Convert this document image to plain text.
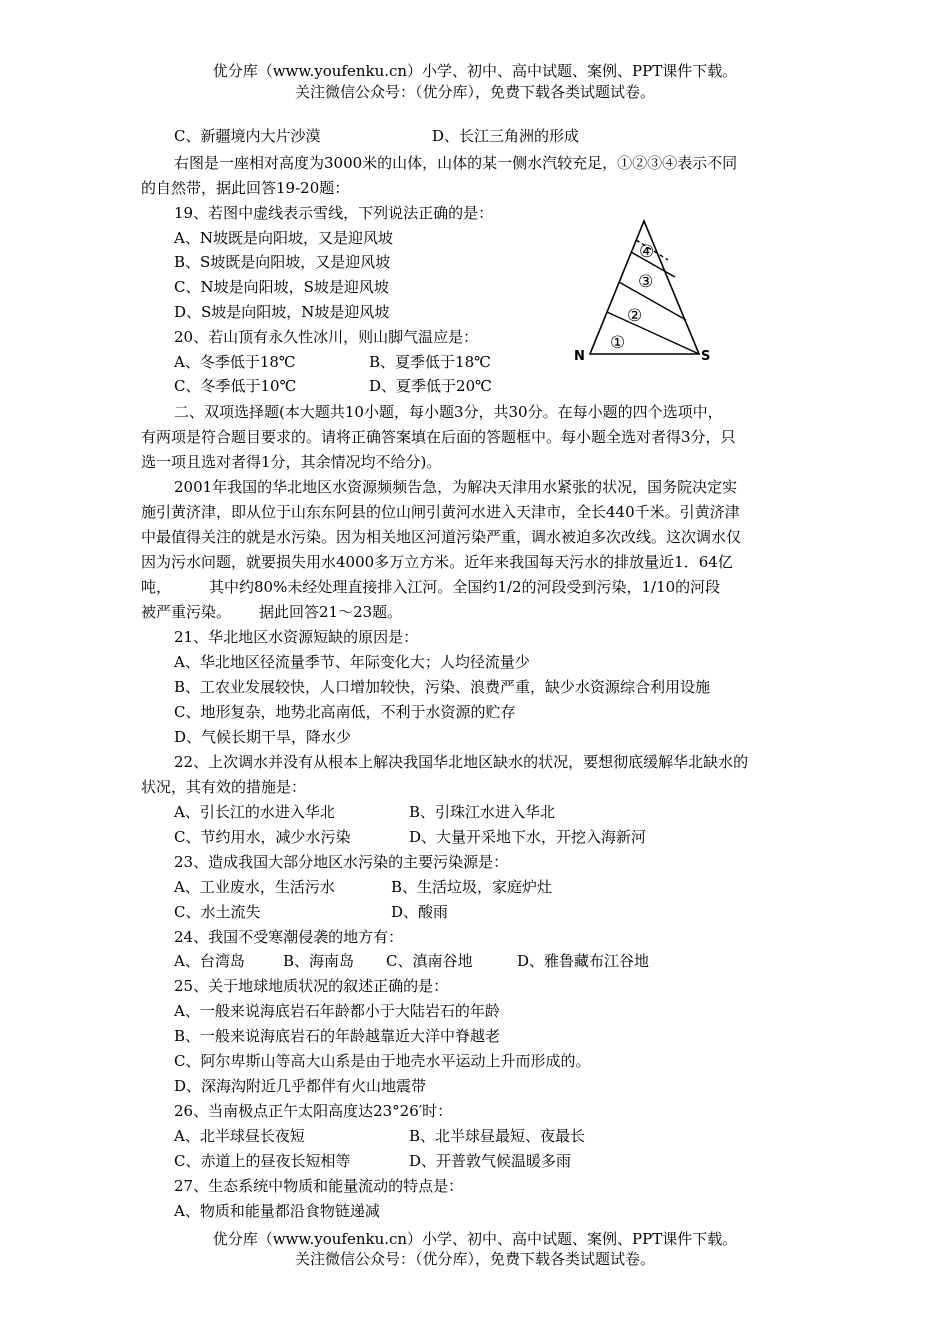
优分库（www.youfenku.cn）小学、初中、高中试题、案例、PPT课件下载。
关注微信公众号：（优分库），免费下载各类试题试卷。
C、新疆境内大片沙漠	D、长江三角洲的形成
右图是一座相对高度为3000米的山体，山体的某一侧水汽较充足，①②③④表示不同
的自然带，据此回答19-20题：
19、若图中虚线表示雪线，下列说法正确的是：
A、N坡既是向阳坡，又是迎风坡
B、S坡既是向阳坡，又是迎风坡
C、N坡是向阳坡，S坡是迎风坡
D、S坡是向阳坡，N坡是迎风坡
20、若山顶有永久性冰川，则山脚气温应是：
A、冬季低于18℃	B、夏季低于18℃
C、冬季低于10℃	D、夏季低于20℃
①
②
③
④
N	S
二、双项选择题(本大题共10小题，每小题3分，共30分。在每小题的四个选项中，
有两项是符合题目要求的。请将正确答案填在后面的答题框中。每小题全选对者得3分，只
选一项且选对者得1分，其余情况均不给分)。
2001年我国的华北地区水资源频频告急，为解决天津用水紧张的状况，国务院决定实
施引黄济津，即从位于山东东阿县的位山闸引黄河水进入天津市，全长440千米。引黄济津
中最值得关注的就是水污染。因为相关地区河道污染严重，调水被迫多次改线。这次调水仅
因为污水问题，就要损失用水4000多万立方米。近年来我国每天污水的排放量近1．64亿
吨，	其中约80%未经处理直接排入江河。全国约1/2的河段受到污染，1/10的河段
被严重污染。 据此回答21～23题。
21、华北地区水资源短缺的原因是：
A、华北地区径流量季节、年际变化大；人均径流量少
B、工农业发展较快，人口增加较快，污染、浪费严重，缺少水资源综合利用设施
C、地形复杂，地势北高南低，不利于水资源的贮存
D、气候长期干旱，降水少
22、上次调水并没有从根本上解决我国华北地区缺水的状况，要想彻底缓解华北缺水的
状况，其有效的措施是：
A、引长江的水进入华北	B、引珠江水进入华北
C、节约用水，减少水污染	D、大量开采地下水，开挖入海新河
23、造成我国大部分地区水污染的主要污染源是：
A、工业废水，生活污水	B、生活垃圾，家庭炉灶
C、水土流失	D、酸雨
24、我国不受寒潮侵袭的地方有：
A、台湾岛	B、海南岛 C、滇南谷地	D、雅鲁藏布江谷地
25、关于地球地质状况的叙述正确的是：
A、一般来说海底岩石年龄都小于大陆岩石的年龄
B、一般来说海底岩石的年龄越靠近大洋中脊越老
C、阿尔卑斯山等高大山系是由于地壳水平运动上升而形成的。
D、深海沟附近几乎都伴有火山地震带
26、当南极点正午太阳高度达23°26′时：
A、北半球昼长夜短	B、北半球昼最短、夜最长
C、赤道上的昼夜长短相等	D、开普敦气候温暖多雨
27、生态系统中物质和能量流动的特点是：
A、物质和能量都沿食物链递减
优分库（www.youfenku.cn）小学、初中、高中试题、案例、PPT课件下载。
关注微信公众号：（优分库），免费下载各类试题试卷。
